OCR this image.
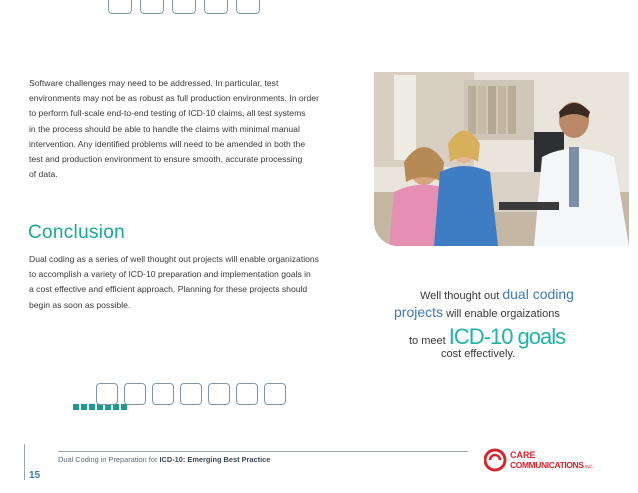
Software challenges may need to be addressed. In particular, test
environments may not be as robust as full production environments. In order
to perform full-scale end-to-end testing of ICD-10 claims, all test systems
in the process should be able to handle the claims with minimal manual
intervention. Any identified problems will need to be amended in both the
test and production environment to ensure smooth, accurate processing
of data.
Conclusion
Dual coding as a series of well thought out projects will enable organizations
to accomplish a variety of ICD-10 preparation and implementation goals in
a cost effective and efficient approach. Planning for these projects should
begin as soon as possible.
Well thought out dual coding
projects will enable orgaizations
to meet ICD-10 goals
cost effectively.
Dual Coding in Preparation for ICD-10: Emerging Best Practice
15
CARE
COMMUNICATIONS INC.
